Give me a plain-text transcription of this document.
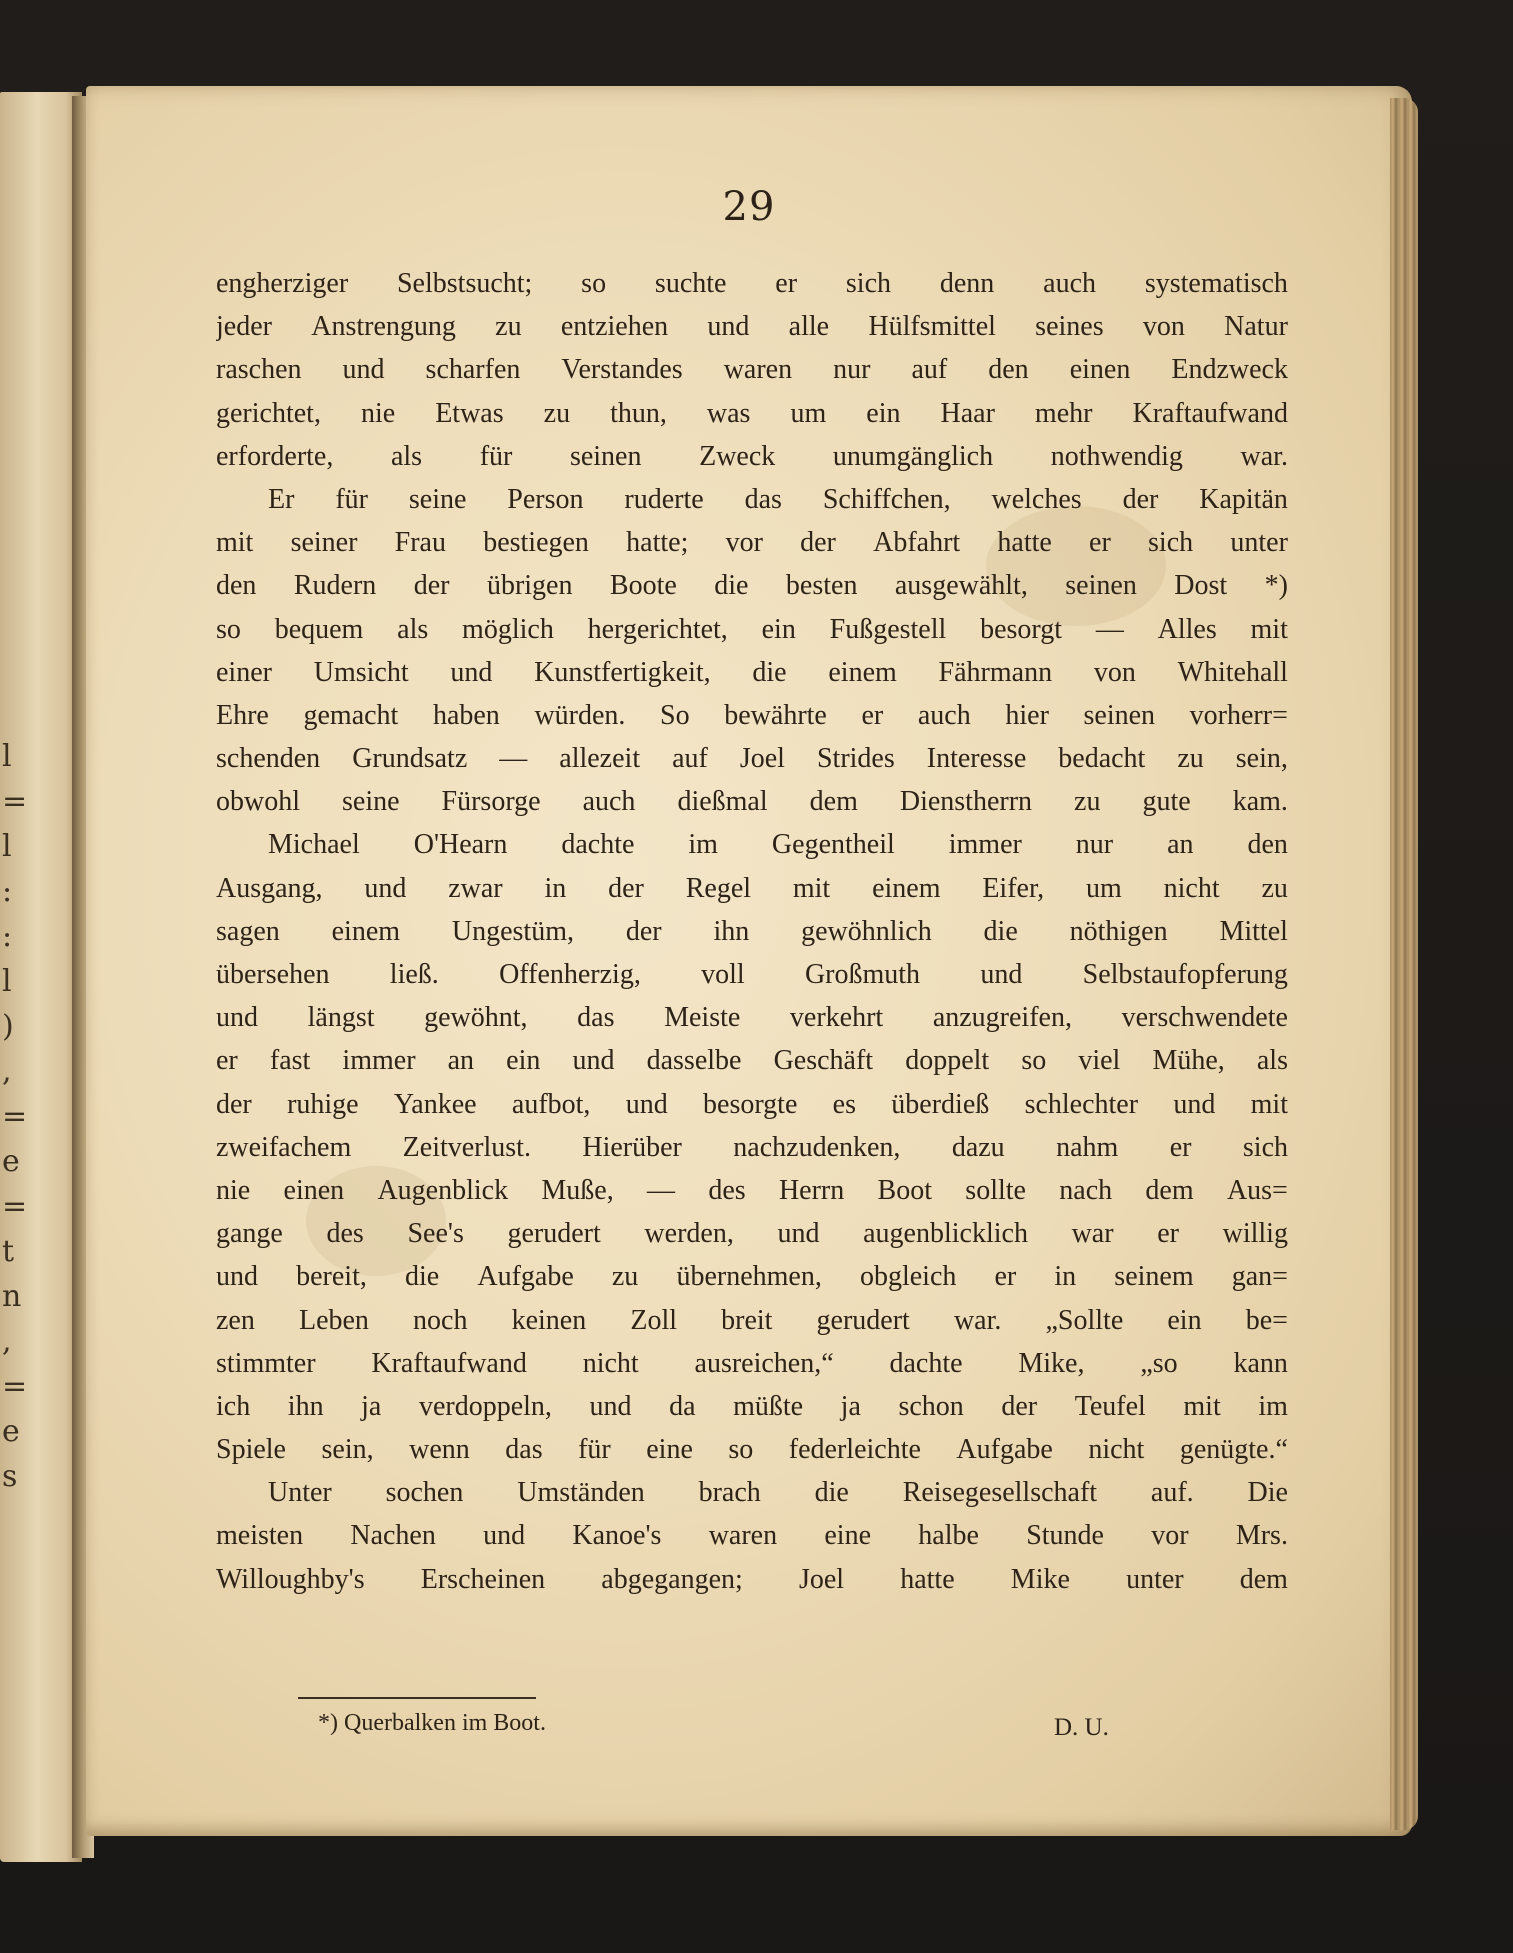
l
=
l
:
:
l
)
,
=
e
=
t
n
,
=
e
s
29
engherziger Selbstsucht; so suchte er sich denn auch systematisch
jeder Anstrengung zu entziehen und alle Hülfsmittel seines von Natur
raschen und scharfen Verstandes waren nur auf den einen Endzweck
gerichtet, nie Etwas zu thun, was um ein Haar mehr Kraftaufwand
erforderte, als für seinen Zweck unumgänglich nothwendig war.
Er für seine Person ruderte das Schiffchen, welches der Kapitän
mit seiner Frau bestiegen hatte; vor der Abfahrt hatte er sich unter
den Rudern der übrigen Boote die besten ausgewählt, seinen Dost *)
so bequem als möglich hergerichtet, ein Fußgestell besorgt — Alles mit
einer Umsicht und Kunstfertigkeit, die einem Fährmann von Whitehall
Ehre gemacht haben würden. So bewährte er auch hier seinen vorherr=
schenden Grundsatz — allezeit auf Joel Strides Interesse bedacht zu sein,
obwohl seine Fürsorge auch dießmal dem Dienstherrn zu gute kam.
Michael O'Hearn dachte im Gegentheil immer nur an den
Ausgang, und zwar in der Regel mit einem Eifer, um nicht zu
sagen einem Ungestüm, der ihn gewöhnlich die nöthigen Mittel
übersehen ließ. Offenherzig, voll Großmuth und Selbstaufopferung
und längst gewöhnt, das Meiste verkehrt anzugreifen, verschwendete
er fast immer an ein und dasselbe Geschäft doppelt so viel Mühe, als
der ruhige Yankee aufbot, und besorgte es überdieß schlechter und mit
zweifachem Zeitverlust. Hierüber nachzudenken, dazu nahm er sich
nie einen Augenblick Muße, — des Herrn Boot sollte nach dem Aus=
gange des See's gerudert werden, und augenblicklich war er willig
und bereit, die Aufgabe zu übernehmen, obgleich er in seinem gan=
zen Leben noch keinen Zoll breit gerudert war. „Sollte ein be=
stimmter Kraftaufwand nicht ausreichen,“ dachte Mike, „so kann
ich ihn ja verdoppeln, und da müßte ja schon der Teufel mit im
Spiele sein, wenn das für eine so federleichte Aufgabe nicht genügte.“
Unter sochen Umständen brach die Reisegesellschaft auf. Die
meisten Nachen und Kanoe's waren eine halbe Stunde vor Mrs.
Willoughby's Erscheinen abgegangen; Joel hatte Mike unter dem
*) Querbalken im Boot.	D. U.
